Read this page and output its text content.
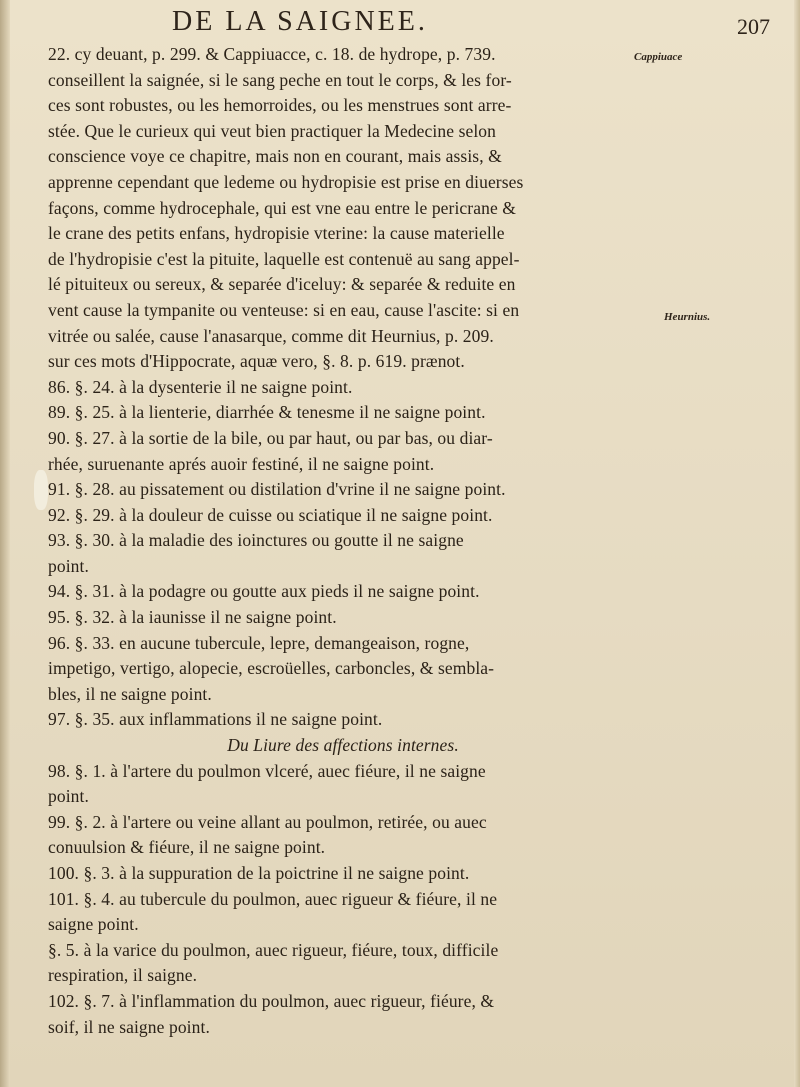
DE LA SAIGNEE.	207
Cappiuace
Heurnius.
22. cy deuant, p. 299. & Cappiuacce, c. 18. de hydrope, p. 739.
conseillent la saignée, si le sang peche en tout le corps, & les for-
ces sont robustes, ou les hemorroides, ou les menstrues sont arre-
stée. Que le curieux qui veut bien practiquer la Medecine selon
conscience voye ce chapitre, mais non en courant, mais assis, &
apprenne cependant que ledeme ou hydropisie est prise en diuerses
façons, comme hydrocephale, qui est vne eau entre le pericrane &
le crane des petits enfans, hydropisie vterine: la cause materielle
de l'hydropisie c'est la pituite, laquelle est contenuë au sang appel-
lé pituiteux ou sereux, & separée d'iceluy: & separée & reduite en
vent cause la tympanite ou venteuse: si en eau, cause l'ascite: si en
vitrée ou salée, cause l'anasarque, comme dit Heurnius, p. 209.
sur ces mots d'Hippocrate, aquæ vero, §. 8. p. 619. prænot.
86. §. 24. à la dysenterie il ne saigne point.
89. §. 25. à la lienterie, diarrhée & tenesme il ne saigne point.
90. §. 27. à la sortie de la bile, ou par haut, ou par bas, ou diar-
rhée, suruenante aprés auoir festiné, il ne saigne point.
91. §. 28. au pissatement ou distilation d'vrine il ne saigne point.
92. §. 29. à la douleur de cuisse ou sciatique il ne saigne point.
93. §. 30. à la maladie des ioinctures ou goutte il ne saigne
point.
94. §. 31. à la podagre ou goutte aux pieds il ne saigne point.
95. §. 32. à la iaunisse il ne saigne point.
96. §. 33. en aucune tubercule, lepre, demangeaison, rogne,
impetigo, vertigo, alopecie, escroüelles, carboncles, & sembla-
bles, il ne saigne point.
97. §. 35. aux inflammations il ne saigne point.
Du Liure des affections internes.
98. §. 1. à l'artere du poulmon vlceré, auec fiéure, il ne saigne
point.
99. §. 2. à l'artere ou veine allant au poulmon, retirée, ou auec
conuulsion & fiéure, il ne saigne point.
100. §. 3. à la suppuration de la poictrine il ne saigne point.
101. §. 4. au tubercule du poulmon, auec rigueur & fiéure, il ne
saigne point.
§. 5. à la varice du poulmon, auec rigueur, fiéure, toux, difficile
respiration, il saigne.
102. §. 7. à l'inflammation du poulmon, auec rigueur, fiéure, &
soif, il ne saigne point.
